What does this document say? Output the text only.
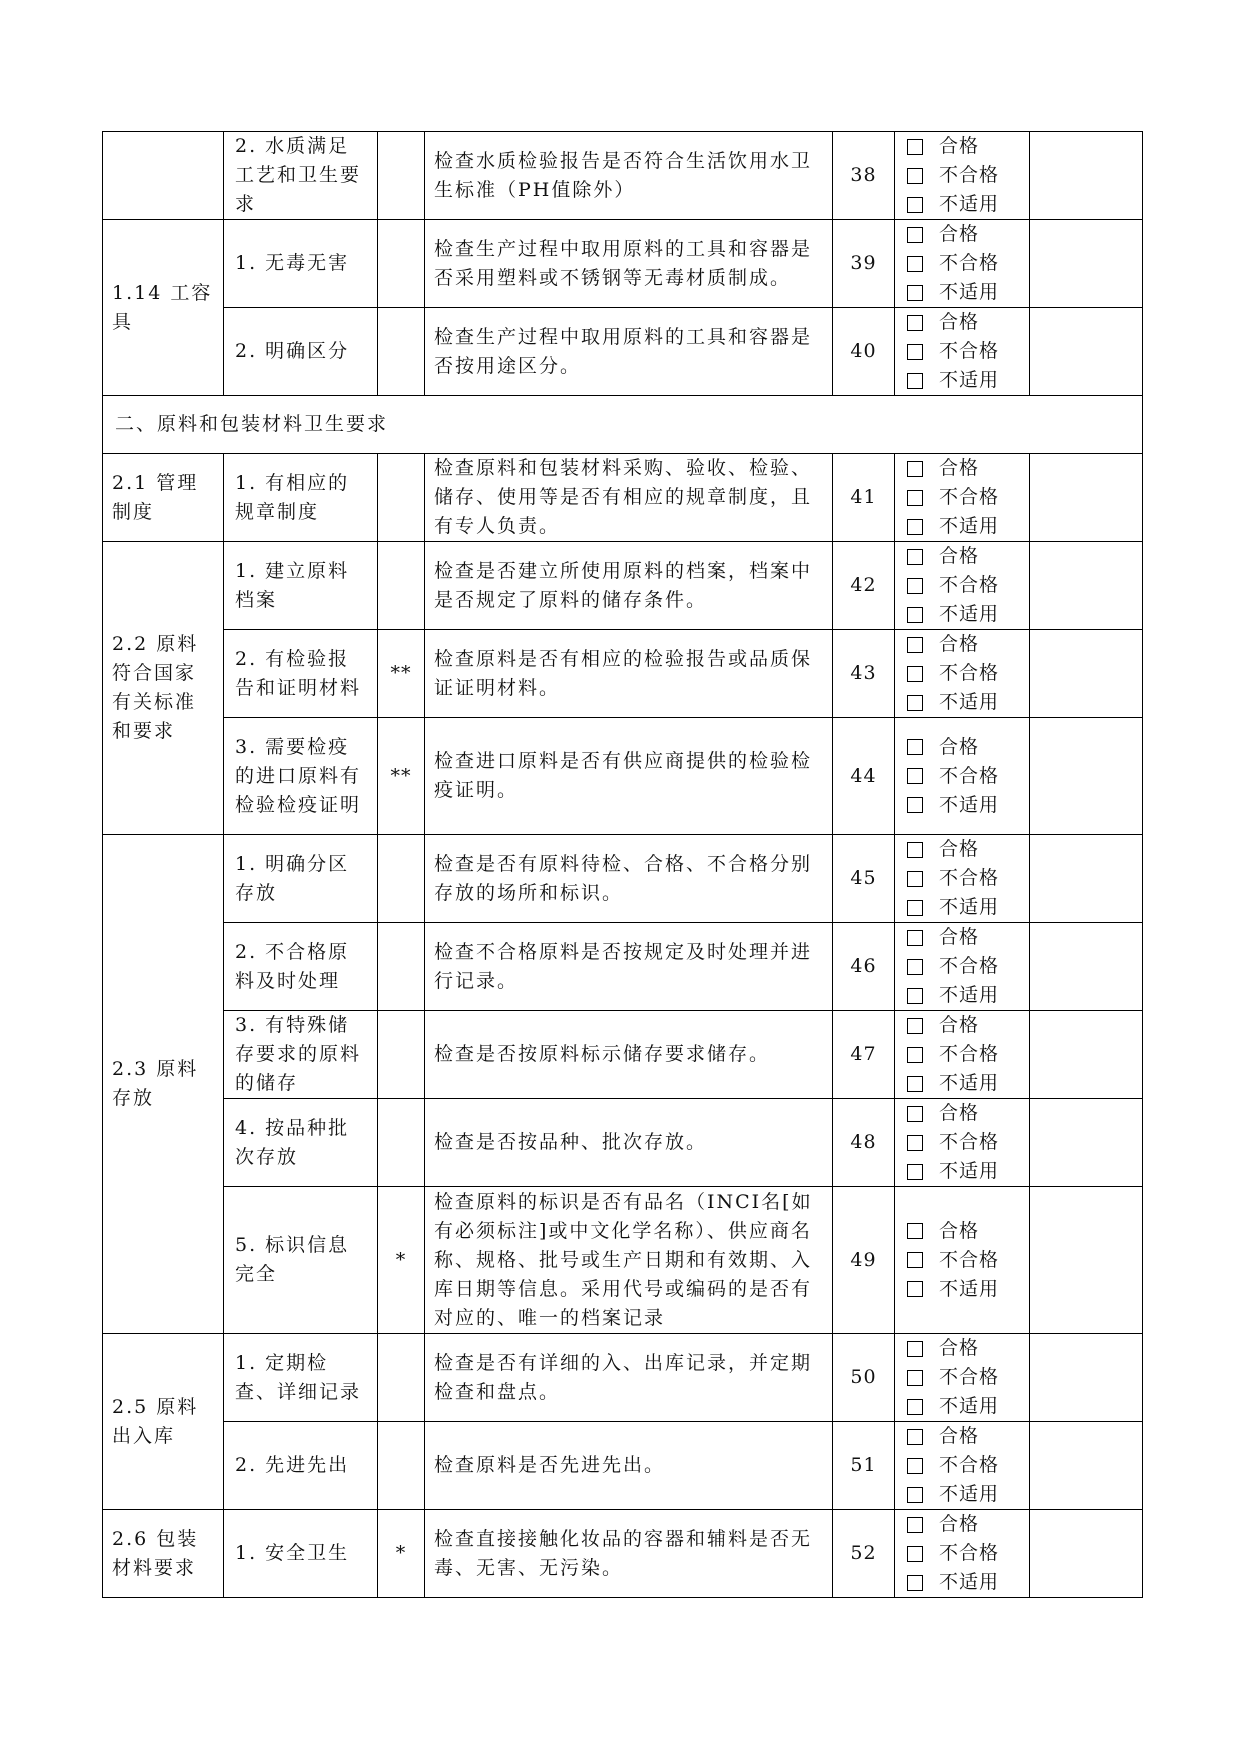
	2. 水质满足工艺和卫生要求		检查水质检验报告是否符合生活饮用水卫生标准（PH值除外）	38	合格
不合格
不适用	

1.14 工容具	1. 无毒无害		检查生产过程中取用原料的工具和容器是否采用塑料或不锈钢等无毒材质制成。	39	合格
不合格
不适用	

	2. 明确区分		检查生产过程中取用原料的工具和容器是否按用途区分。	40	合格
不合格
不适用	

二、原料和包装材料卫生要求						
2.1 管理制度	1. 有相应的规章制度		检查原料和包装材料采购、验收、检验、储存、使用等是否有相应的规章制度，且有专人负责。	41	合格
不合格
不适用	

2.2 原料符合国家有关标准和要求	1. 建立原料档案		检查是否建立所使用原料的档案，档案中是否规定了原料的储存条件。	42	合格
不合格
不适用	

	2. 有检验报告和证明材料	**	检查原料是否有相应的检验报告或品质保证证明材料。	43	合格
不合格
不适用	

	3. 需要检疫的进口原料有检验检疫证明	**	检查进口原料是否有供应商提供的检验检疫证明。	44	合格
不合格
不适用	

2.3 原料存放	1. 明确分区存放		检查是否有原料待检、合格、不合格分别存放的场所和标识。	45	合格
不合格
不适用	

	2. 不合格原料及时处理		检查不合格原料是否按规定及时处理并进行记录。	46	合格
不合格
不适用	

	3. 有特殊储存要求的原料的储存		检查是否按原料标示储存要求储存。	47	合格
不合格
不适用	

	4. 按品种批次存放		检查是否按品种、批次存放。	48	合格
不合格
不适用	

	5. 标识信息完全	*	检查原料的标识是否有品名（INCI名[如有必须标注]或中文化学名称）、供应商名称、规格、批号或生产日期和有效期、入库日期等信息。采用代号或编码的是否有对应的、唯一的档案记录	49	合格
不合格
不适用	

2.5 原料出入库	1. 定期检查、详细记录		检查是否有详细的入、出库记录，并定期检查和盘点。	50	合格
不合格
不适用	

	2. 先进先出		检查原料是否先进先出。	51	合格
不合格
不适用	

2.6 包装材料要求	1. 安全卫生	*	检查直接接触化妆品的容器和辅料是否无毒、无害、无污染。	52	合格
不合格
不适用	
